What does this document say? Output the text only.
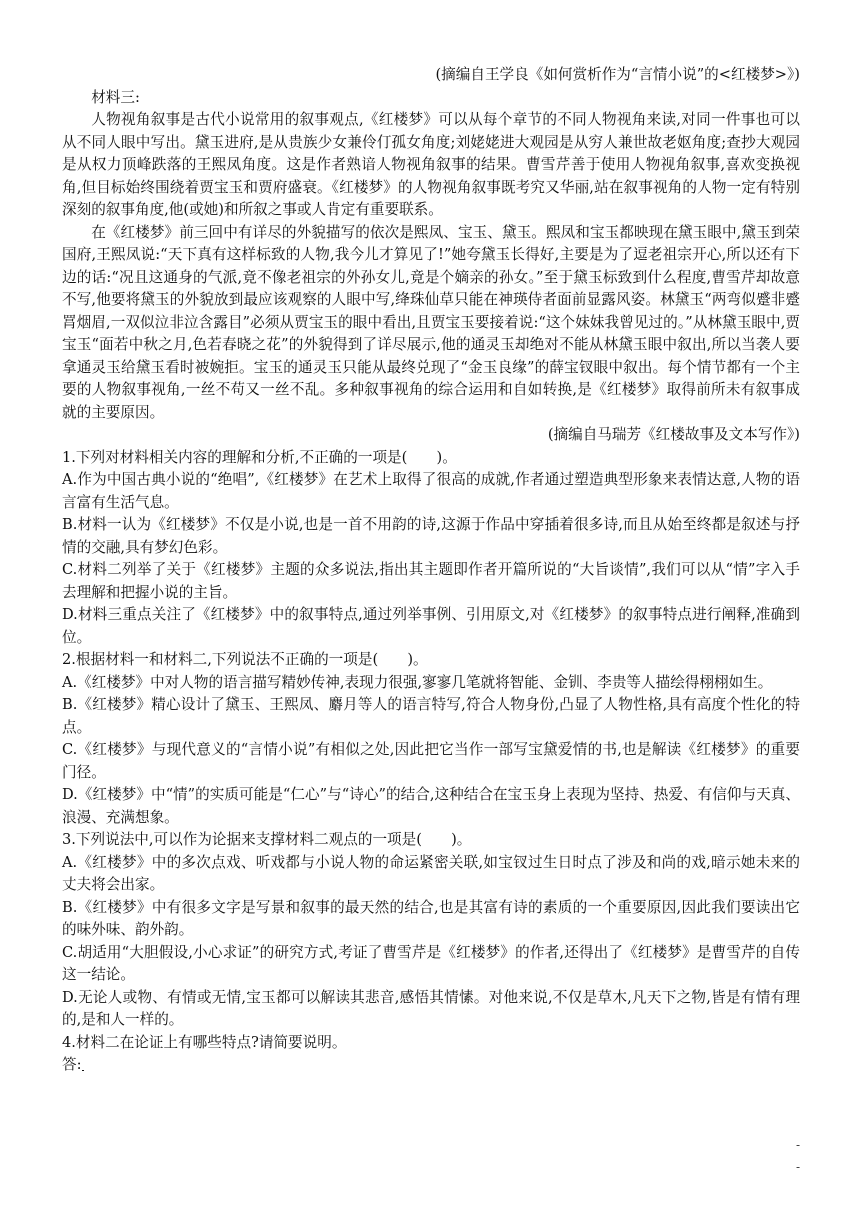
(摘编自王学良《如何赏析作为“言情小说”的<红楼梦>》)

材料三:

人物视角叙事是古代小说常用的叙事观点,《红楼梦》可以从每个章节的不同人物视角来读,对同一件事也可以从不同人眼中写出。黛玉进府,是从贵族少女兼伶仃孤女角度;刘姥姥进大观园是从穷人兼世故老妪角度;查抄大观园是从权力顶峰跌落的王熙凤角度。这是作者熟谙人物视角叙事的结果。曹雪芹善于使用人物视角叙事,喜欢变换视角,但目标始终围绕着贾宝玉和贾府盛衰。《红楼梦》的人物视角叙事既考究又华丽,站在叙事视角的人物一定有特别深刻的叙事角度,他(或她)和所叙之事或人肯定有重要联系。

在《红楼梦》前三回中有详尽的外貌描写的依次是熙凤、宝玉、黛玉。熙凤和宝玉都映现在黛玉眼中,黛玉到荣国府,王熙凤说:“天下真有这样标致的人物,我今儿才算见了!”她夸黛玉长得好,主要是为了逗老祖宗开心,所以还有下边的话:“况且这通身的气派,竟不像老祖宗的外孙女儿,竟是个嫡亲的孙女。”至于黛玉标致到什么程度,曹雪芹却故意不写,他要将黛玉的外貌放到最应该观察的人眼中写,绛珠仙草只能在神瑛侍者面前显露风姿。林黛玉“两弯似蹙非蹙罥烟眉,一双似泣非泣含露目”必须从贾宝玉的眼中看出,且贾宝玉要接着说:“这个妹妹我曾见过的。”从林黛玉眼中,贾宝玉“面若中秋之月,色若春晓之花”的外貌得到了详尽展示,他的通灵玉却绝对不能从林黛玉眼中叙出,所以当袭人要拿通灵玉给黛玉看时被婉拒。宝玉的通灵玉只能从最终兑现了“金玉良缘”的薛宝钗眼中叙出。每个情节都有一个主要的人物叙事视角,一丝不苟又一丝不乱。多种叙事视角的综合运用和自如转换,是《红楼梦》取得前所未有叙事成就的主要原因。

(摘编自马瑞芳《红楼故事及文本写作》)

1.下列对材料相关内容的理解和分析,不正确的一项是(　　)。

A.作为中国古典小说的“绝唱”,《红楼梦》在艺术上取得了很高的成就,作者通过塑造典型形象来表情达意,人物的语言富有生活气息。

B.材料一认为《红楼梦》不仅是小说,也是一首不用韵的诗,这源于作品中穿插着很多诗,而且从始至终都是叙述与抒情的交融,具有梦幻色彩。

C.材料二列举了关于《红楼梦》主题的众多说法,指出其主题即作者开篇所说的“大旨谈情”,我们可以从“情”字入手去理解和把握小说的主旨。

D.材料三重点关注了《红楼梦》中的叙事特点,通过列举事例、引用原文,对《红楼梦》的叙事特点进行阐释,准确到位。

2.根据材料一和材料二,下列说法不正确的一项是(　　)。

A.《红楼梦》中对人物的语言描写精妙传神,表现力很强,寥寥几笔就将智能、金钏、李贵等人描绘得栩栩如生。

B.《红楼梦》精心设计了黛玉、王熙凤、麝月等人的语言特写,符合人物身份,凸显了人物性格,具有高度个性化的特点。

C.《红楼梦》与现代意义的“言情小说”有相似之处,因此把它当作一部写宝黛爱情的书,也是解读《红楼梦》的重要门径。

D.《红楼梦》中“情”的实质可能是“仁心”与“诗心”的结合,这种结合在宝玉身上表现为坚持、热爱、有信仰与天真、浪漫、充满想象。

3.下列说法中,可以作为论据来支撑材料二观点的一项是(　　)。

A.《红楼梦》中的多次点戏、听戏都与小说人物的命运紧密关联,如宝钗过生日时点了涉及和尚的戏,暗示她未来的丈夫将会出家。

B.《红楼梦》中有很多文字是写景和叙事的最天然的结合,也是其富有诗的素质的一个重要原因,因此我们要读出它的味外味、韵外韵。

C.胡适用“大胆假设,小心求证”的研究方式,考证了曹雪芹是《红楼梦》的作者,还得出了《红楼梦》是曹雪芹的自传这一结论。

D.无论人或物、有情或无情,宝玉都可以解读其悲音,感悟其情愫。对他来说,不仅是草木,凡天下之物,皆是有情有理的,是和人一样的。

4.材料二在论证上有哪些特点?请简要说明。

答:

-
-
